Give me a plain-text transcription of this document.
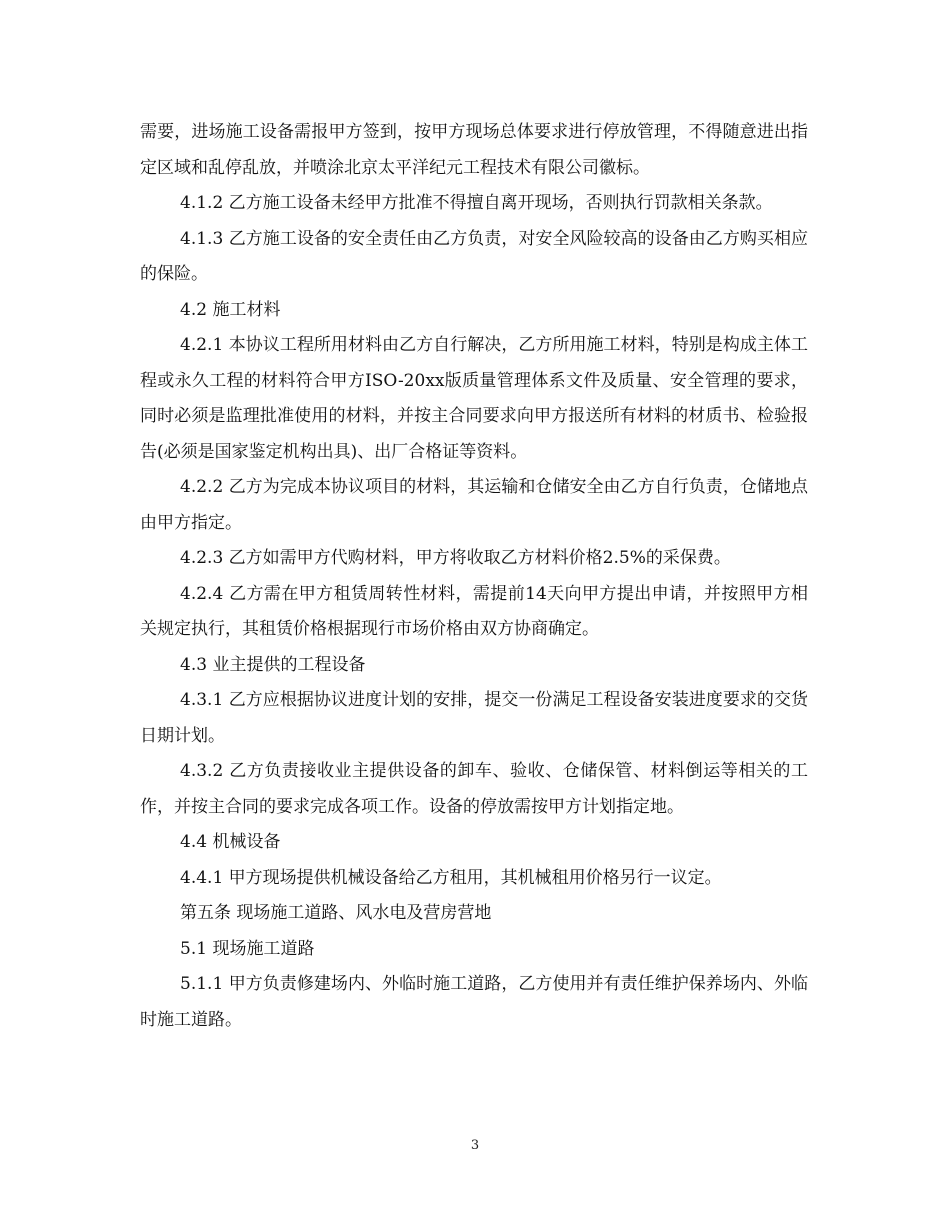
需要，进场施工设备需报甲方签到，按甲方现场总体要求进行停放管理，不得随意进出指定区域和乱停乱放，并喷涂北京太平洋纪元工程技术有限公司徽标。

4.1.2 乙方施工设备未经甲方批准不得擅自离开现场，否则执行罚款相关条款。

4.1.3 乙方施工设备的安全责任由乙方负责，对安全风险较高的设备由乙方购买相应的保险。

4.2 施工材料

4.2.1 本协议工程所用材料由乙方自行解决，乙方所用施工材料，特别是构成主体工程或永久工程的材料符合甲方ISO-20xx版质量管理体系文件及质量、安全管理的要求，同时必须是监理批准使用的材料，并按主合同要求向甲方报送所有材料的材质书、检验报告(必须是国家鉴定机构出具)、出厂合格证等资料。

4.2.2 乙方为完成本协议项目的材料，其运输和仓储安全由乙方自行负责，仓储地点由甲方指定。

4.2.3 乙方如需甲方代购材料，甲方将收取乙方材料价格2.5%的采保费。

4.2.4 乙方需在甲方租赁周转性材料，需提前14天向甲方提出申请，并按照甲方相关规定执行，其租赁价格根据现行市场价格由双方协商确定。

4.3 业主提供的工程设备

4.3.1 乙方应根据协议进度计划的安排，提交一份满足工程设备安装进度要求的交货日期计划。

4.3.2 乙方负责接收业主提供设备的卸车、验收、仓储保管、材料倒运等相关的工作，并按主合同的要求完成各项工作。设备的停放需按甲方计划指定地。

4.4 机械设备

4.4.1 甲方现场提供机械设备给乙方租用，其机械租用价格另行一议定。

第五条 现场施工道路、风水电及营房营地

5.1 现场施工道路

5.1.1 甲方负责修建场内、外临时施工道路，乙方使用并有责任维护保养场内、外临时施工道路。

3
